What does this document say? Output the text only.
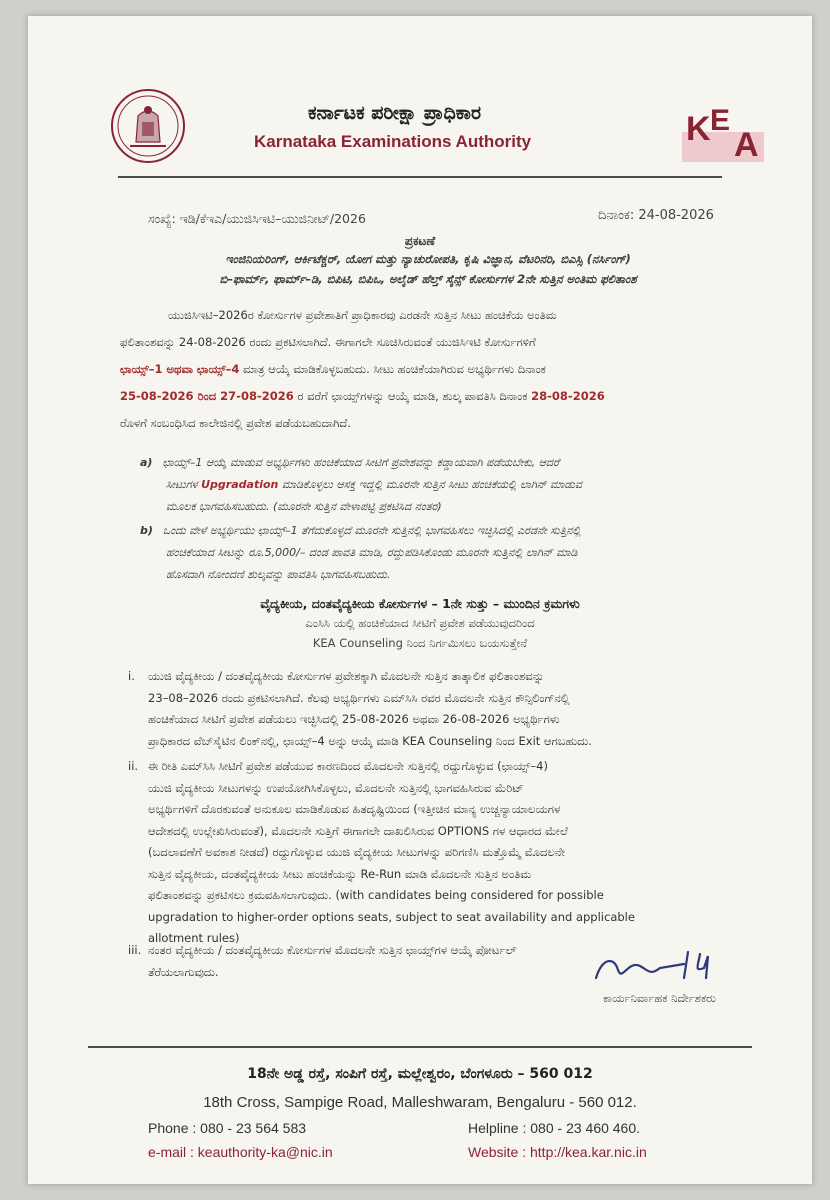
ಕರ್ನಾಟಕ ಪರೀಕ್ಷಾ ಪ್ರಾಧಿಕಾರ
Karnataka Examinations Authority	K E
A
ಸಂಖ್ಯೆ: ಇಡಿ/ಕೆಇಎ/ಯುಜಿಸಿಇಟಿ–ಯುಜಿನೀಟ್/2026	ದಿನಾಂಕ: 24-08-2026
ಪ್ರಕಟಣೆ
ಇಂಜಿನಿಯರಿಂಗ್, ಆರ್ಕಿಟೆಕ್ಚರ್, ಯೋಗ ಮತ್ತು ನ್ಯಾಚುರೋಪತಿ, ಕೃಷಿ ವಿಜ್ಞಾನ, ವೆಟರಿನರಿ, ಬಿಎಸ್ಸಿ (ನರ್ಸಿಂಗ್)
ಬಿ–ಫಾರ್ಮ್, ಫಾರ್ಮ್–ಡಿ, ಬಿಪಿಟಿ, ಬಿಪಿಒ, ಅಲೈಡ್ ಹೆಲ್ತ್ ಸೈನ್ಸ್ ಕೋರ್ಸುಗಳ 2ನೇ ಸುತ್ತಿನ ಅಂತಿಮ ಫಲಿತಾಂಶ
ಯುಜಿಸಿಇಟಿ–2026ರ ಕೋರ್ಸುಗಳ ಪ್ರವೇಶಾತಿಗೆ ಪ್ರಾಧಿಕಾರವು ಎರಡನೇ ಸುತ್ತಿನ ಸೀಟು ಹಂಚಿಕೆಯ ಅಂತಿಮ
ಫಲಿತಾಂಶವನ್ನು 24-08-2026 ರಂದು ಪ್ರಕಟಿಸಲಾಗಿದೆ. ಈಗಾಗಲೇ ಸೂಚಿಸಿರುವಂತೆ ಯುಜಿಸಿಇಟಿ ಕೋರ್ಸುಗಳಿಗೆ
ಛಾಯ್ಸ್–1 ಅಥವಾ ಛಾಯ್ಸ್–4 ಮಾತ್ರ ಆಯ್ಕೆ ಮಾಡಿಕೊಳ್ಳಬಹುದು. ಸೀಟು ಹಂಚಿಕೆಯಾಗಿರುವ ಅಭ್ಯರ್ಥಿಗಳು ದಿನಾಂಕ
25-08-2026 ರಿಂದ 27-08-2026 ರ ವರೆಗೆ ಛಾಯ್ಸ್‌ಗಳನ್ನು ಆಯ್ಕೆ ಮಾಡಿ, ಶುಲ್ಕ ಪಾವತಿಸಿ ದಿನಾಂಕ 28-08-2026
ರೊಳಗೆ ಸಂಬಂಧಿಸಿದ ಕಾಲೇಜಿನಲ್ಲಿ ಪ್ರವೇಶ ಪಡೆಯಬಹುದಾಗಿದೆ.
a) ಛಾಯ್ಸ್–1 ಆಯ್ಕೆ ಮಾಡುವ ಅಭ್ಯರ್ಥಿಗಳು ಹಂಚಿಕೆಯಾದ ಸೀಟಿಗೆ ಪ್ರವೇಶವನ್ನು ಕಡ್ಡಾಯವಾಗಿ ಪಡೆಯಬೇಕು, ಆದರೆ
ಸೀಟುಗಳ Upgradation ಮಾಡಿಕೊಳ್ಳಲು ಆಸಕ್ತ ಇದ್ದಲ್ಲಿ ಮೂರನೇ ಸುತ್ತಿನ ಸೀಟು ಹಂಚಿಕೆಯಲ್ಲಿ ಲಾಗಿನ್ ಮಾಡುವ
ಮೂಲಕ ಭಾಗವಹಿಸಬಹುದು. (ಮೂರನೇ ಸುತ್ತಿನ ವೇಳಾಪಟ್ಟಿ ಪ್ರಕಟಿಸಿದ ನಂತರ)
b) ಒಂದು ವೇಳೆ ಅಭ್ಯರ್ಥಿಯು ಛಾಯ್ಸ್–1 ತೆಗೆದುಕೊಳ್ಳದೆ ಮೂರನೇ ಸುತ್ತಿನಲ್ಲಿ ಭಾಗವಹಿಸಲು ಇಚ್ಛಿಸಿದಲ್ಲಿ ಎರಡನೇ ಸುತ್ತಿನಲ್ಲಿ
ಹಂಚಿಕೆಯಾದ ಸೀಟನ್ನು ರೂ.5,000/– ದಂಡ ಪಾವತಿ ಮಾಡಿ, ರದ್ದುಪಡಿಸಿಕೊಂಡು ಮೂರನೇ ಸುತ್ತಿನಲ್ಲಿ ಲಾಗಿನ್ ಮಾಡಿ
ಹೊಸದಾಗಿ ನೋಂದಣಿ ಶುಲ್ಕವನ್ನು ಪಾವತಿಸಿ ಭಾಗವಹಿಸಬಹುದು.
ವೈದ್ಯಕೀಯ, ದಂತವೈದ್ಯಕೀಯ ಕೋರ್ಸುಗಳ – 1ನೇ ಸುತ್ತು – ಮುಂದಿನ ಕ್ರಮಗಳು
ಎಂಸಿಸಿ ಯಲ್ಲಿ ಹಂಚಿಕೆಯಾದ ಸೀಟಿಗೆ ಪ್ರವೇಶ ಪಡೆಯುವುದರಿಂದ
KEA Counseling ನಿಂದ ನಿರ್ಗಮಿಸಲು ಬಯಸುತ್ತೇನೆ
i. ಯುಜಿ ವೈದ್ಯಕೀಯ / ದಂತವೈದ್ಯಕೀಯ ಕೋರ್ಸುಗಳ ಪ್ರವೇಶಕ್ಕಾಗಿ ಮೊದಲನೇ ಸುತ್ತಿನ ತಾತ್ಕಾಲಿಕ ಫಲಿತಾಂಶವನ್ನು
23–08–2026 ರಂದು ಪ್ರಕಟಿಸಲಾಗಿದೆ. ಕೆಲವು ಅಭ್ಯರ್ಥಿಗಳು ಎಮ್‌ಸಿಸಿ ರವರ ಮೊದಲನೇ ಸುತ್ತಿನ ಕೌನ್ಸಿಲಿಂಗ್‌ನಲ್ಲಿ
ಹಂಚಿಕೆಯಾದ ಸೀಟಿಗೆ ಪ್ರವೇಶ ಪಡೆಯಲು ಇಚ್ಛಿಸಿದಲ್ಲಿ 25-08-2026 ಅಥವಾ 26-08-2026 ಅಭ್ಯರ್ಥಿಗಳು
ಪ್ರಾಧಿಕಾರದ ವೆಬ್‌ಸೈಟಿನ ಲಿಂಕ್‌ನಲ್ಲಿ, ಛಾಯ್ಸ್–4 ಅನ್ನು ಆಯ್ಕೆ ಮಾಡಿ KEA Counseling ನಿಂದ Exit ಆಗಬಹುದು.
ii. ಈ ರೀತಿ ಎಮ್‌ಸಿಸಿ ಸೀಟಿಗೆ ಪ್ರವೇಶ ಪಡೆಯುವ ಕಾರಣದಿಂದ ಮೊದಲನೇ ಸುತ್ತಿನಲ್ಲಿ ರದ್ದುಗೊಳ್ಳುವ (ಛಾಯ್ಸ್–4)
ಯುಜಿ ವೈದ್ಯಕೀಯ ಸೀಟುಗಳನ್ನು ಉಪಯೋಗಿಸಿಕೊಳ್ಳಲು, ಮೊದಲನೇ ಸುತ್ತಿನಲ್ಲಿ ಭಾಗವಹಿಸಿರುವ ಮೆರಿಟ್
ಅಭ್ಯರ್ಥಿಗಳಿಗೆ ದೊರಕುವಂತೆ ಅನುಕೂಲ ಮಾಡಿಕೊಡುವ ಹಿತದೃಷ್ಟಿಯಿಂದ (ಇತ್ತೀಚಿನ ಮಾನ್ಯ ಉಚ್ಚನ್ಯಾಯಾಲಯಗಳ
ಆದೇಶದಲ್ಲಿ ಉಲ್ಲೇಖಿಸಿರುವಂತೆ), ಮೊದಲನೇ ಸುತ್ತಿಗೆ ಈಗಾಗಲೇ ದಾಖಲಿಸಿರುವ OPTIONS ಗಳ ಆಧಾರದ ಮೇಲೆ
(ಬದಲಾವಣೆಗೆ ಅವಕಾಶ ನೀಡದೆ) ರದ್ದುಗೊಳ್ಳುವ ಯುಜಿ ವೈದ್ಯಕೀಯ ಸೀಟುಗಳನ್ನು ಪರಿಗಣಿಸಿ ಮತ್ತೊಮ್ಮೆ ಮೊದಲನೇ
ಸುತ್ತಿನ ವೈದ್ಯಕೀಯ, ದಂತವೈದ್ಯಕೀಯ ಸೀಟು ಹಂಚಿಕೆಯನ್ನು Re-Run ಮಾಡಿ ಮೊದಲನೇ ಸುತ್ತಿನ ಅಂತಿಮ
ಫಲಿತಾಂಶವನ್ನು ಪ್ರಕಟಿಸಲು ಕ್ರಮವಹಿಸಲಾಗುವುದು. (with candidates being considered for possible
upgradation to higher-order options seats, subject to seat availability and applicable
allotment rules)
iii. ನಂತರ ವೈದ್ಯಕೀಯ / ದಂತವೈದ್ಯಕೀಯ ಕೋರ್ಸುಗಳ ಮೊದಲನೇ ಸುತ್ತಿನ ಛಾಯ್ಸ್‌ಗಳ ಆಯ್ಕೆ ಪೋರ್ಟಲ್
ತೆರೆಯಲಾಗುವುದು.
ಕಾರ್ಯನಿರ್ವಾಹಕ ನಿರ್ದೇಶಕರು
18ನೇ ಅಡ್ಡ ರಸ್ತೆ, ಸಂಪಿಗೆ ರಸ್ತೆ, ಮಲ್ಲೇಶ್ವರಂ, ಬೆಂಗಳೂರು – 560 012
18th Cross, Sampige Road, Malleshwaram, Bengaluru - 560 012.
Phone : 080 - 23 564 583	Helpline : 080 - 23 460 460.
e-mail : keauthority-ka@nic.in	Website : http://kea.kar.nic.in
